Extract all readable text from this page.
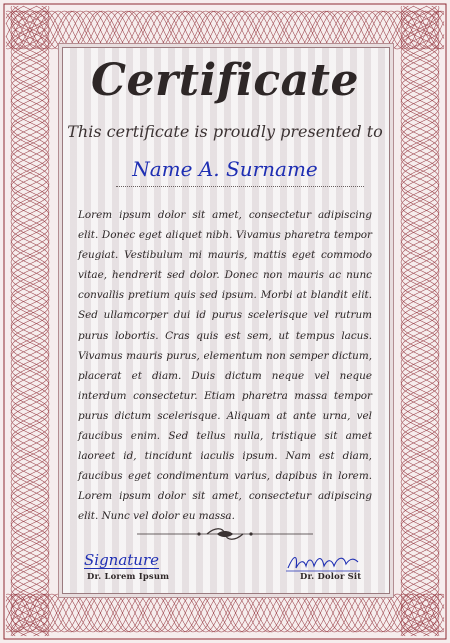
Certificate
This certificate is proudly presented to
Name A. Surname

Lorem ipsum dolor sit amet, consectetur adipiscing elit. Donec eget aliquet nibh. Vivamus pharetra tempor feugiat. Vestibulum mi mauris, mattis eget commodo vitae, hendrerit sed dolor. Donec non mauris ac nunc convallis pretium quis sed ipsum. Morbi at blandit elit. Sed ullamcorper dui id purus scelerisque vel rutrum purus lobortis. Cras quis est sem, ut tempus lacus. Vivamus mauris purus, elementum non semper dictum, placerat et diam. Duis dictum neque vel neque interdum consectetur. Etiam pharetra massa tempor purus dictum scelerisque. Aliquam at ante urna, vel faucibus enim. Sed tellus nulla, tristique sit amet laoreet id, tincidunt iaculis ipsum. Nam est diam, faucibus eget condimentum varius, dapibus in lorem. Lorem ipsum dolor sit amet, consectetur adipiscing elit. Nunc vel dolor eu massa.

Signature
Dr. Lorem Ipsum	Dr. Dolor Sit
